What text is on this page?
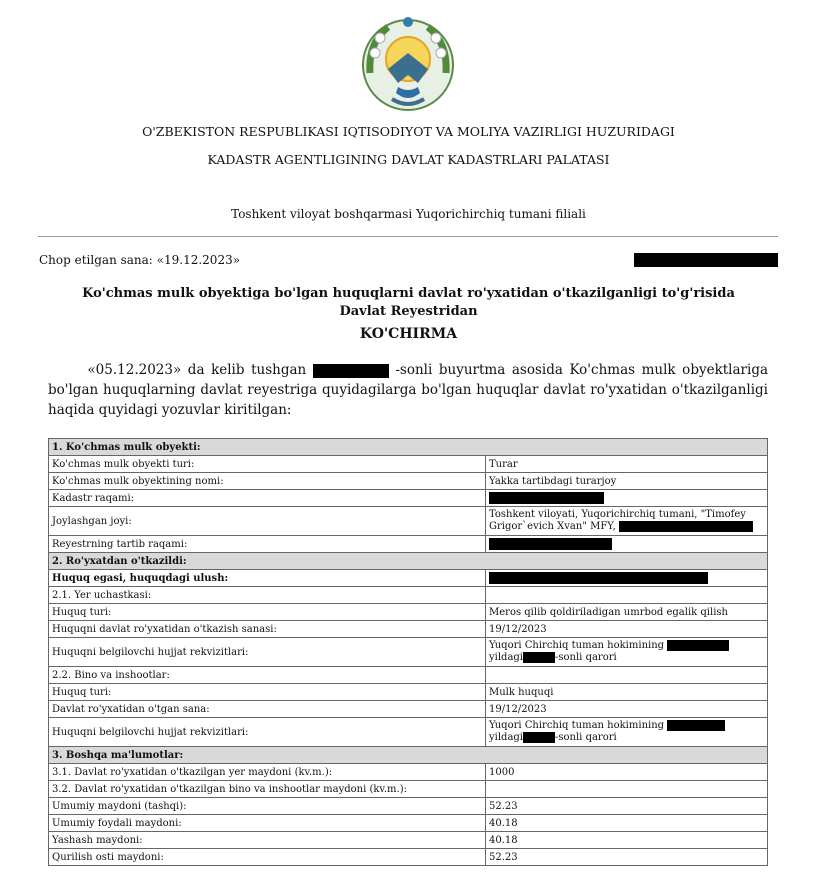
O'ZBEKISTON RESPUBLIKASI IQTISODIYOT VA MOLIYA VAZIRLIGI HUZURIDAGI
KADASTR AGENTLIGINING DAVLAT KADASTRLARI PALATASI
Toshkent viloyat boshqarmasi Yuqorichirchiq tumani filiali
Chop etilgan sana: «19.12.2023»
Ko'chmas mulk obyektiga bo'lgan huquqlarni davlat ro'yxatidan o'tkazilganligi to'g'risida Davlat Reyestridan
KO'CHIRMA
«05.12.2023» da kelib tushgan	-sonli buyurtma asosida Ko'chmas mulk obyektlariga bo'lgan huquqlarning davlat reyestriga quyidagilarga bo'lgan huquqlar davlat ro'yxatidan o'tkazilganligi haqida quyidagi yozuvlar kiritilgan:
1. Ko'chmas mulk obyekti:	
Ko'chmas mulk obyekti turi:	Turar
Ko'chmas mulk obyektining nomi:	Yakka tartibdagi turarjoy
Kadastr raqami:	
Joylashgan joyi:	Toshkent viloyati, Yuqorichirchiq tumani, "Timofey
Grigor`evich Xvan" MFY,
Reyestrning tartib raqami:	
2. Ro'yxatdan o'tkazildi:	
Huquq egasi, huquqdagi ulush:	
2.1. Yer uchastkasi:	
Huquq turi:	Meros qilib qoldiriladigan umrbod egalik qilish
Huquqni davlat ro'yxatidan o'tkazish sanasi:	19/12/2023
Huquqni belgilovchi hujjat rekvizitlari:	Yuqori Chirchiq tuman hokimining
yildagi -sonli qarori
2.2. Bino va inshootlar:	
Huquq turi:	Mulk huquqi
Davlat ro'yxatidan o'tgan sana:	19/12/2023
Huquqni belgilovchi hujjat rekvizitlari:	Yuqori Chirchiq tuman hokimining
yildagi -sonli qarori
3. Boshqa ma'lumotlar:	
3.1. Davlat ro'yxatidan o'tkazilgan yer maydoni (kv.m.):	1000
3.2. Davlat ro'yxatidan o'tkazilgan bino va inshootlar maydoni (kv.m.):	
Umumiy maydoni (tashqi):	52.23
Umumiy foydali maydoni:	40.18
Yashash maydoni:	40.18
Qurilish osti maydoni:	52.23
